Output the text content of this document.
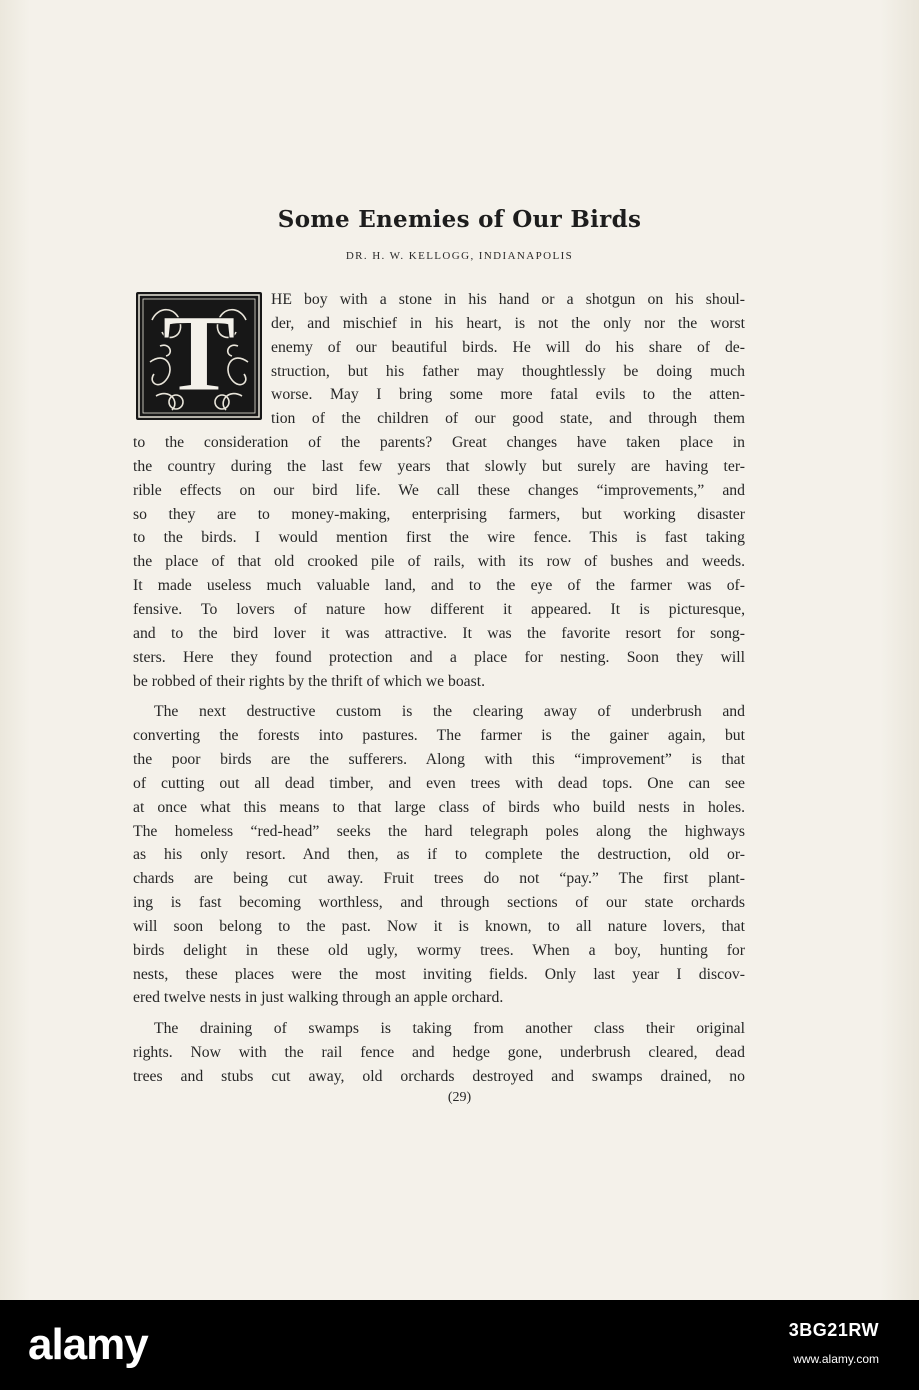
Some Enemies of Our Birds
DR. H. W. KELLOGG, INDIANAPOLIS
T	HE boy with a stone in his hand or a shotgun on his shoul-
der, and mischief in his heart, is not the only nor the worst
enemy of our beautiful birds. He will do his share of de-
struction, but his father may thoughtlessly be doing much
worse. May I bring some more fatal evils to the atten-
tion of the children of our good state, and through them
to the consideration of the parents? Great changes have taken place in
the country during the last few years that slowly but surely are having ter-
rible effects on our bird life. We call these changes “improvements,” and
so they are to money-making, enterprising farmers, but working disaster
to the birds. I would mention first the wire fence. This is fast taking
the place of that old crooked pile of rails, with its row of bushes and weeds.
It made useless much valuable land, and to the eye of the farmer was of-
fensive. To lovers of nature how different it appeared. It is picturesque,
and to the bird lover it was attractive. It was the favorite resort for song-
sters. Here they found protection and a place for nesting. Soon they will
be robbed of their rights by the thrift of which we boast.
The next destructive custom is the clearing away of underbrush and
converting the forests into pastures. The farmer is the gainer again, but
the poor birds are the sufferers. Along with this “improvement” is that
of cutting out all dead timber, and even trees with dead tops. One can see
at once what this means to that large class of birds who build nests in holes.
The homeless “red-head” seeks the hard telegraph poles along the highways
as his only resort. And then, as if to complete the destruction, old or-
chards are being cut away. Fruit trees do not “pay.” The first plant-
ing is fast becoming worthless, and through sections of our state orchards
will soon belong to the past. Now it is known, to all nature lovers, that
birds delight in these old ugly, wormy trees. When a boy, hunting for
nests, these places were the most inviting fields. Only last year I discov-
ered twelve nests in just walking through an apple orchard.
The draining of swamps is taking from another class their original
rights. Now with the rail fence and hedge gone, underbrush cleared, dead
trees and stubs cut away, old orchards destroyed and swamps drained, no
(29)
alamy	3BG21RW
www.alamy.com
